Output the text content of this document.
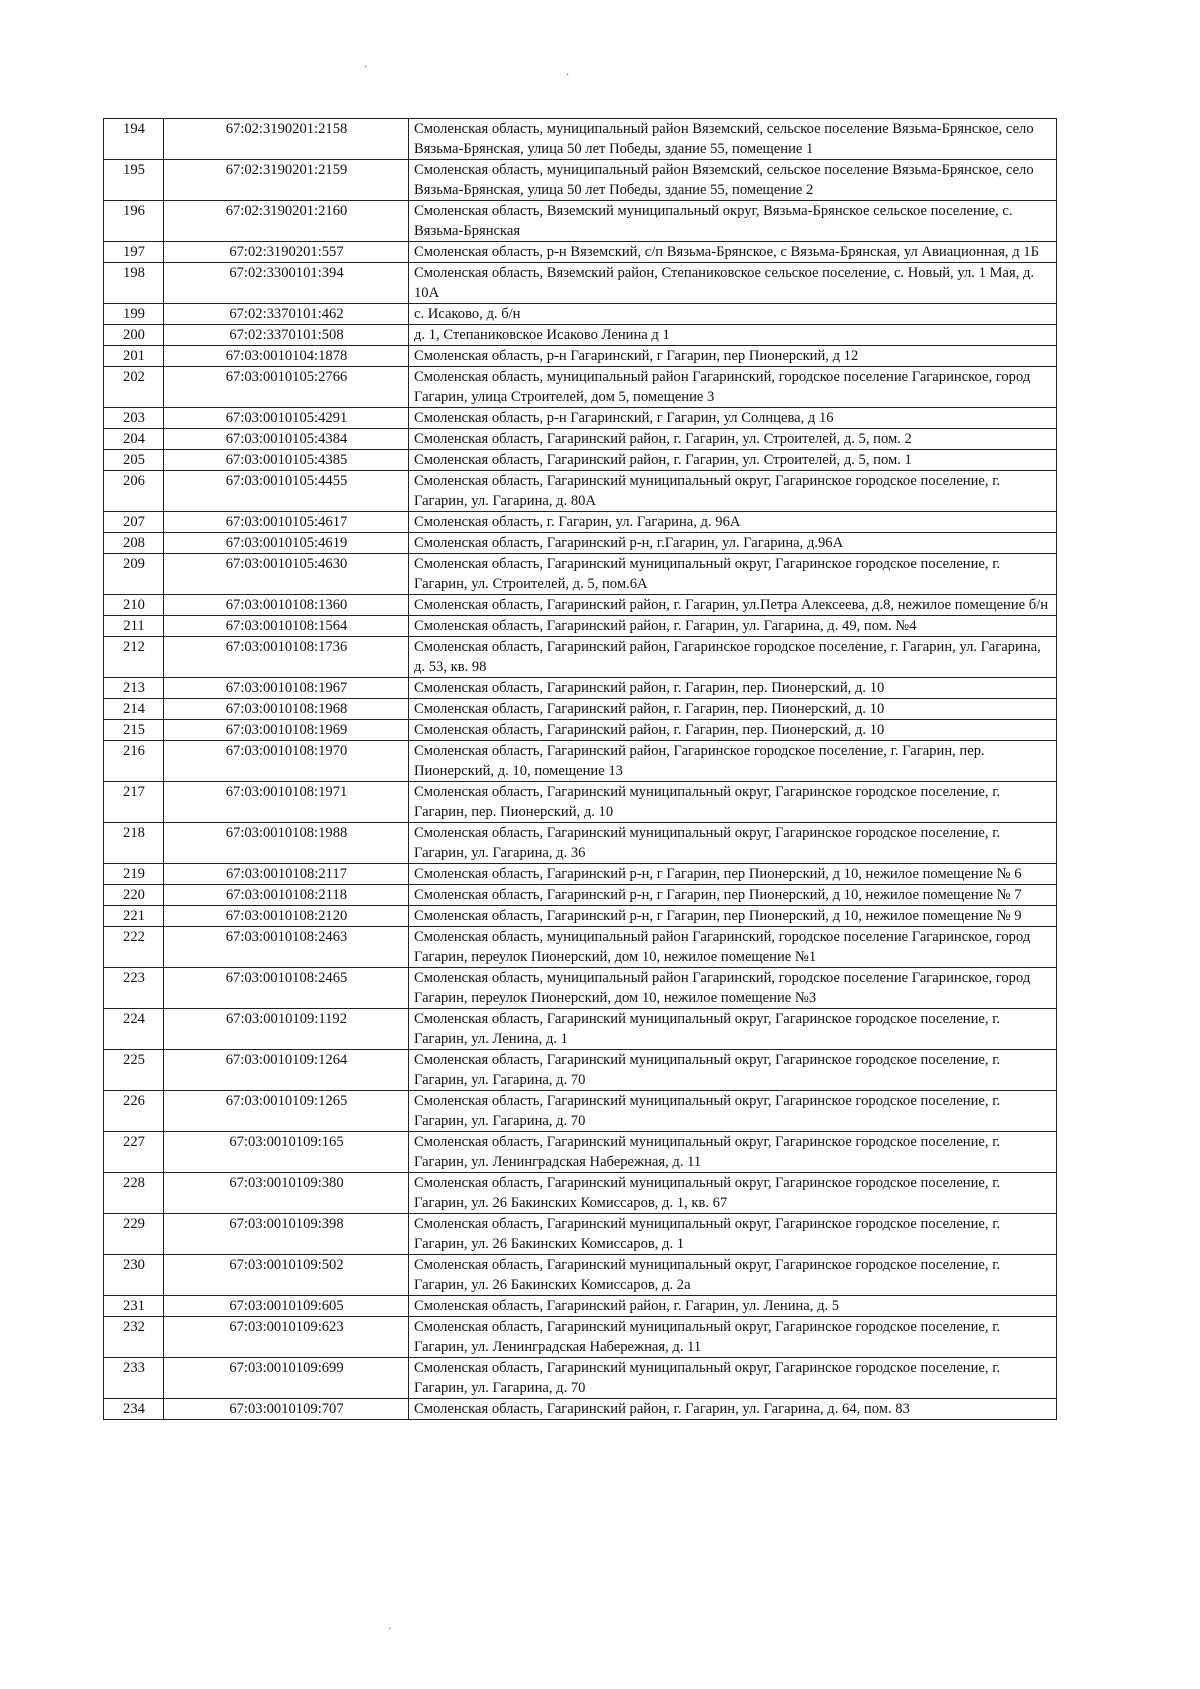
·
·
·
194	67:02:3190201:2158	Смоленская область, муниципальный район Вяземский, сельское поселение Вязьма-Брянское, село Вязьма-Брянская, улица 50 лет Победы, здание 55, помещение 1
195	67:02:3190201:2159	Смоленская область, муниципальный район Вяземский, сельское поселение Вязьма-Брянское, село Вязьма-Брянская, улица 50 лет Победы, здание 55, помещение 2
196	67:02:3190201:2160	Смоленская область, Вяземский муниципальный округ, Вязьма-Брянское сельское поселение, с. Вязьма-Брянская
197	67:02:3190201:557	Смоленская область, р-н Вяземский, с/п Вязьма-Брянское, с Вязьма-Брянская, ул Авиационная, д 1Б
198	67:02:3300101:394	Смоленская область, Вяземский район, Степаниковское сельское поселение, с. Новый, ул. 1 Мая, д. 10А
199	67:02:3370101:462	с. Исаково, д. б/н
200	67:02:3370101:508	д. 1, Степаниковское Исаково Ленина д 1
201	67:03:0010104:1878	Смоленская область, р-н Гагаринский, г Гагарин, пер Пионерский, д 12
202	67:03:0010105:2766	Смоленская область, муниципальный район Гагаринский, городское поселение Гагаринское, город Гагарин, улица Строителей, дом 5, помещение 3
203	67:03:0010105:4291	Смоленская область, р-н Гагаринский, г Гагарин, ул Солнцева, д 16
204	67:03:0010105:4384	Смоленская область, Гагаринский район, г. Гагарин, ул. Строителей, д. 5, пом. 2
205	67:03:0010105:4385	Смоленская область, Гагаринский район, г. Гагарин, ул. Строителей, д. 5, пом. 1
206	67:03:0010105:4455	Смоленская область, Гагаринский муниципальный округ, Гагаринское городское поселение, г. Гагарин, ул. Гагарина, д. 80А
207	67:03:0010105:4617	Смоленская область, г. Гагарин, ул. Гагарина, д. 96А
208	67:03:0010105:4619	Смоленская область, Гагаринский р-н, г.Гагарин, ул. Гагарина, д.96А
209	67:03:0010105:4630	Смоленская область, Гагаринский муниципальный округ, Гагаринское городское поселение, г. Гагарин, ул. Строителей, д. 5, пом.6А
210	67:03:0010108:1360	Смоленская область, Гагаринский район, г. Гагарин, ул.Петра Алексеева, д.8, нежилое помещение б/н
211	67:03:0010108:1564	Смоленская область, Гагаринский район, г. Гагарин, ул. Гагарина, д. 49, пом. №4
212	67:03:0010108:1736	Смоленская область, Гагаринский район, Гагаринское городское поселение, г. Гагарин, ул. Гагарина, д. 53, кв. 98
213	67:03:0010108:1967	Смоленская область, Гагаринский район, г. Гагарин, пер. Пионерский, д. 10
214	67:03:0010108:1968	Смоленская область, Гагаринский район, г. Гагарин, пер. Пионерский, д. 10
215	67:03:0010108:1969	Смоленская область, Гагаринский район, г. Гагарин, пер. Пионерский, д. 10
216	67:03:0010108:1970	Смоленская область, Гагаринский район, Гагаринское городское поселение, г. Гагарин, пер. Пионерский, д. 10, помещение 13
217	67:03:0010108:1971	Смоленская область, Гагаринский муниципальный округ, Гагаринское городское поселение, г. Гагарин, пер. Пионерский, д. 10
218	67:03:0010108:1988	Смоленская область, Гагаринский муниципальный округ, Гагаринское городское поселение, г. Гагарин, ул. Гагарина, д. 36
219	67:03:0010108:2117	Смоленская область, Гагаринский р-н, г Гагарин, пер Пионерский, д 10, нежилое помещение № 6
220	67:03:0010108:2118	Смоленская область, Гагаринский р-н, г Гагарин, пер Пионерский, д 10, нежилое помещение № 7
221	67:03:0010108:2120	Смоленская область, Гагаринский р-н, г Гагарин, пер Пионерский, д 10, нежилое помещение № 9
222	67:03:0010108:2463	Смоленская область, муниципальный район Гагаринский, городское поселение Гагаринское, город Гагарин, переулок Пионерский, дом 10, нежилое помещение №1
223	67:03:0010108:2465	Смоленская область, муниципальный район Гагаринский, городское поселение Гагаринское, город Гагарин, переулок Пионерский, дом 10, нежилое помещение №3
224	67:03:0010109:1192	Смоленская область, Гагаринский муниципальный округ, Гагаринское городское поселение, г. Гагарин, ул. Ленина, д. 1
225	67:03:0010109:1264	Смоленская область, Гагаринский муниципальный округ, Гагаринское городское поселение, г. Гагарин, ул. Гагарина, д. 70
226	67:03:0010109:1265	Смоленская область, Гагаринский муниципальный округ, Гагаринское городское поселение, г. Гагарин, ул. Гагарина, д. 70
227	67:03:0010109:165	Смоленская область, Гагаринский муниципальный округ, Гагаринское городское поселение, г. Гагарин, ул. Ленинградская Набережная, д. 11
228	67:03:0010109:380	Смоленская область, Гагаринский муниципальный округ, Гагаринское городское поселение, г. Гагарин, ул. 26 Бакинских Комиссаров, д. 1, кв. 67
229	67:03:0010109:398	Смоленская область, Гагаринский муниципальный округ, Гагаринское городское поселение, г. Гагарин, ул. 26 Бакинских Комиссаров, д. 1
230	67:03:0010109:502	Смоленская область, Гагаринский муниципальный округ, Гагаринское городское поселение, г. Гагарин, ул. 26 Бакинских Комиссаров, д. 2а
231	67:03:0010109:605	Смоленская область, Гагаринский район, г. Гагарин, ул. Ленина, д. 5
232	67:03:0010109:623	Смоленская область, Гагаринский муниципальный округ, Гагаринское городское поселение, г. Гагарин, ул. Ленинградская Набережная, д. 11
233	67:03:0010109:699	Смоленская область, Гагаринский муниципальный округ, Гагаринское городское поселение, г. Гагарин, ул. Гагарина, д. 70
234	67:03:0010109:707	Смоленская область, Гагаринский район, г. Гагарин, ул. Гагарина, д. 64, пом. 83
